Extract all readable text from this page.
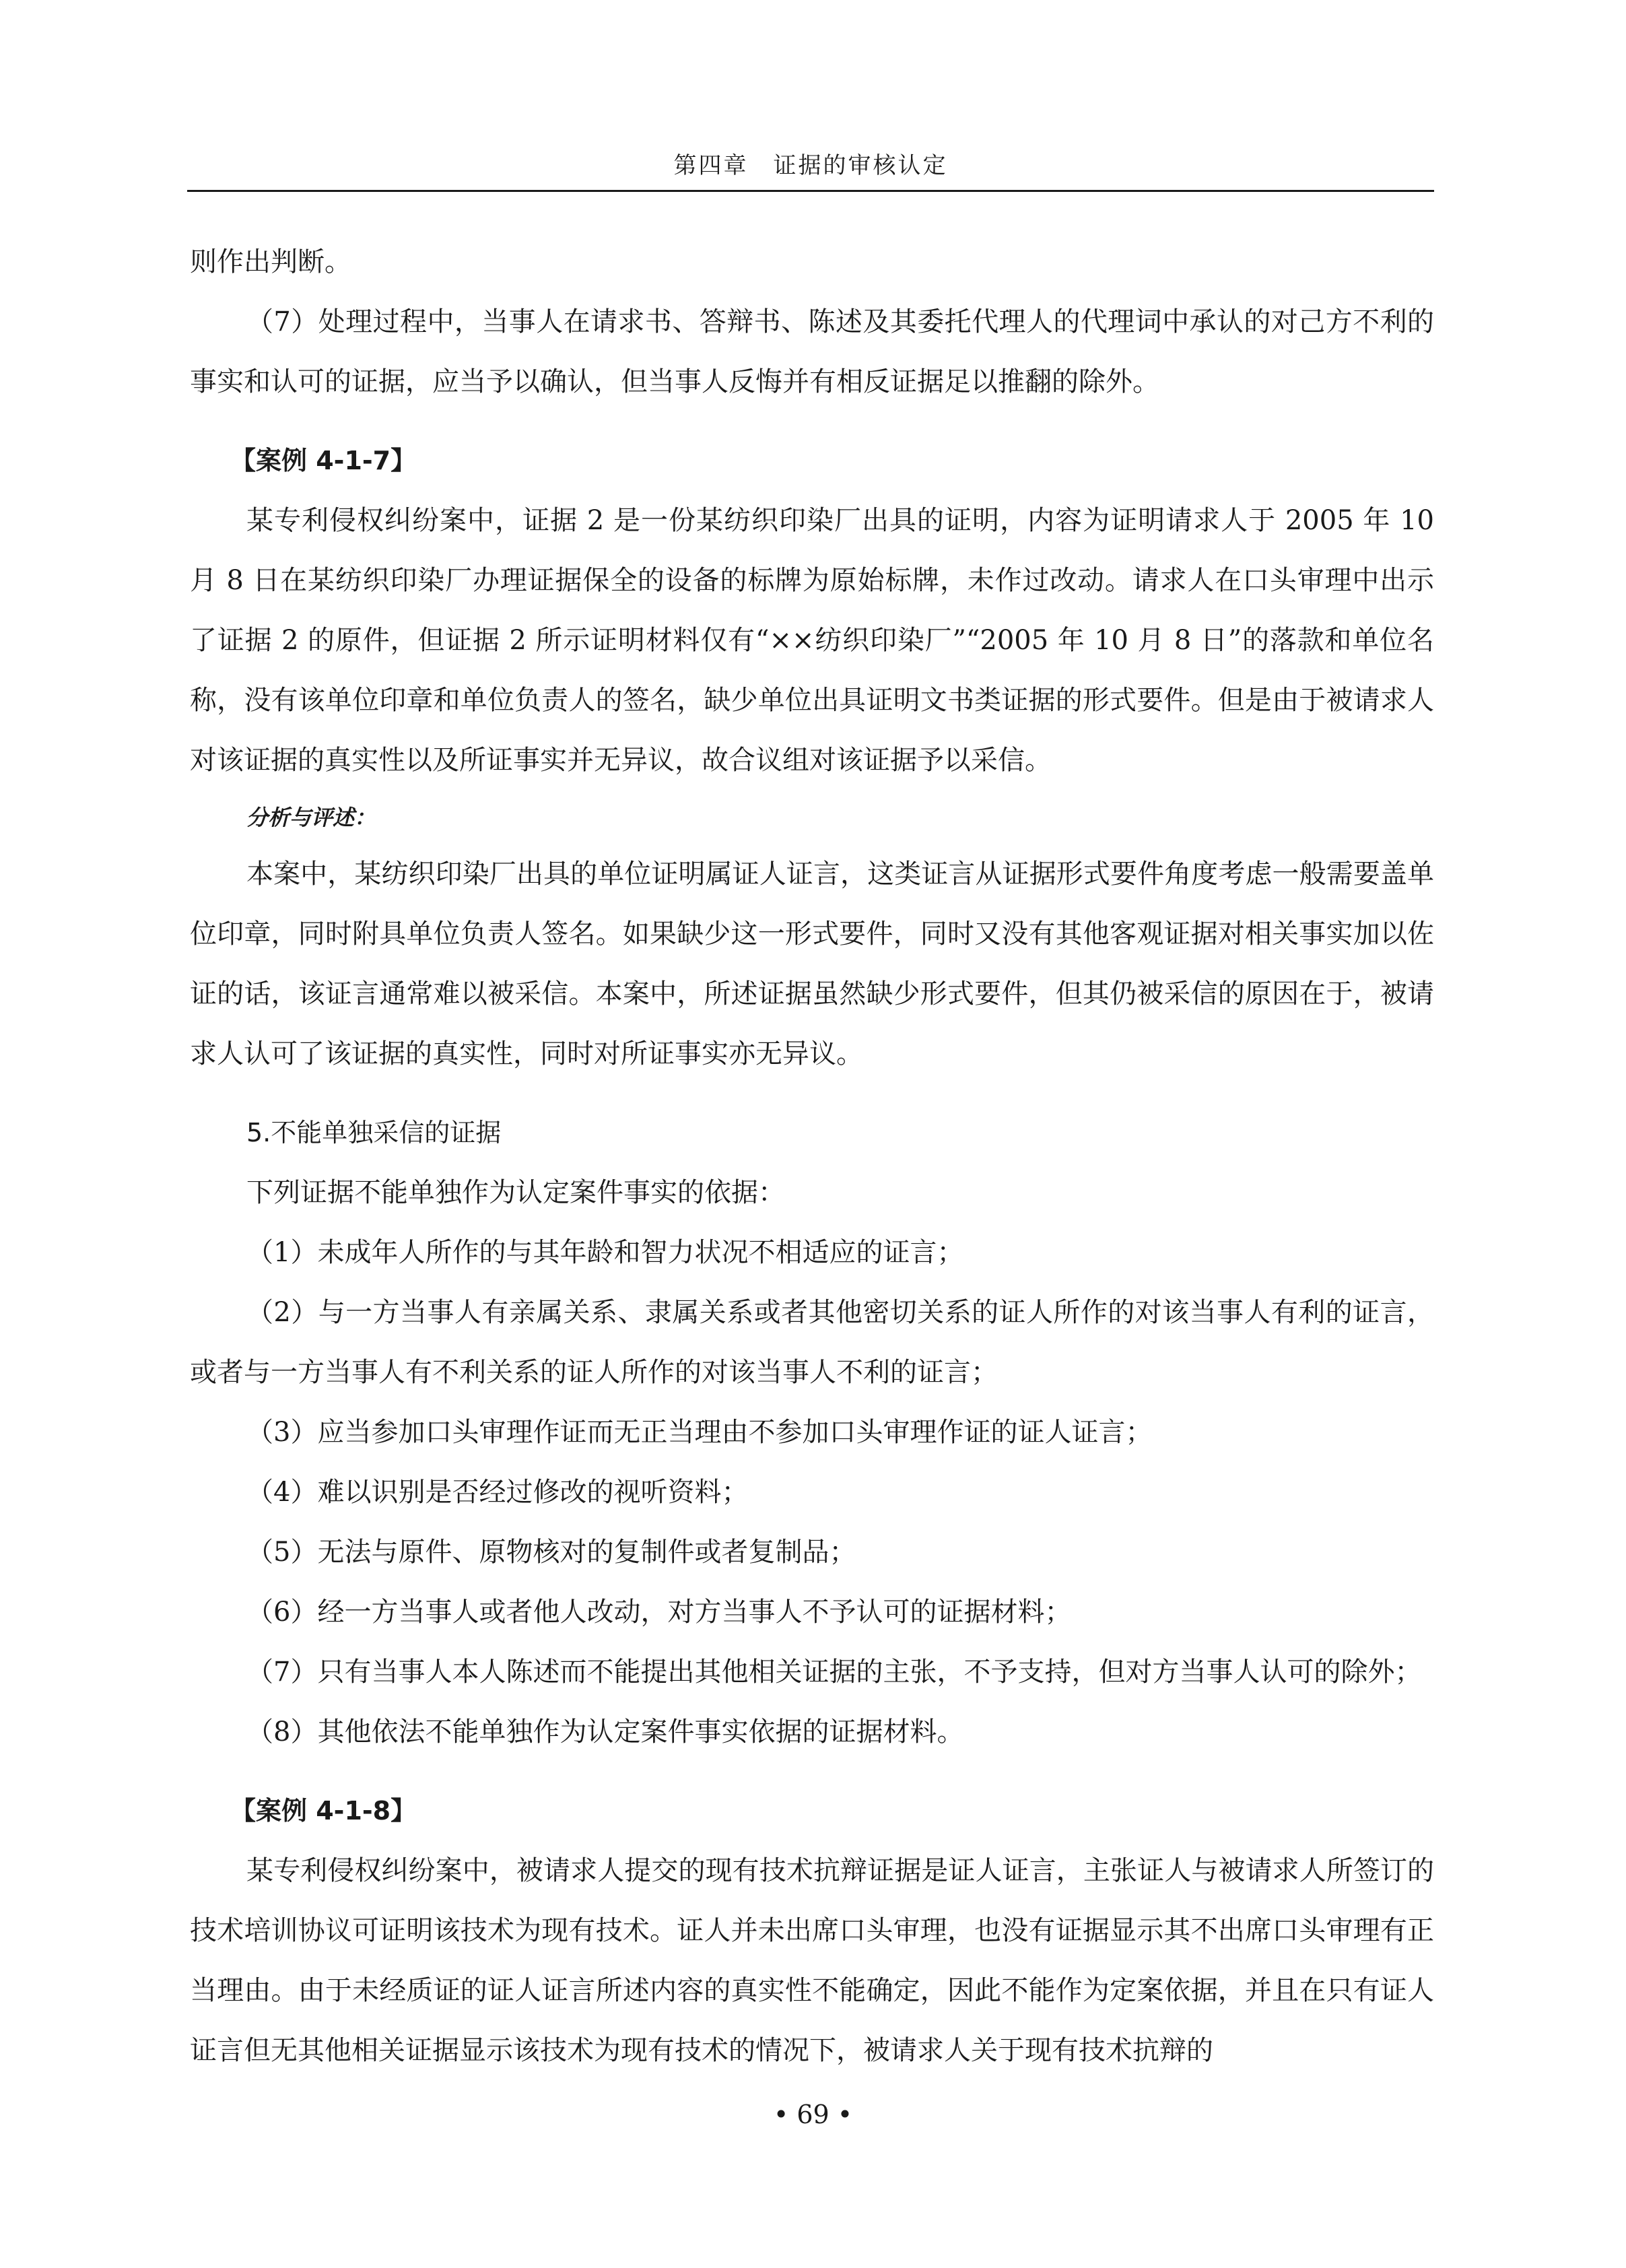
第四章　证据的审核认定

则作出判断。

（7）处理过程中，当事人在请求书、答辩书、陈述及其委托代理人的代理词中承认的对己方不利的事实和认可的证据，应当予以确认，但当事人反悔并有相反证据足以推翻的除外。

【案例 4-1-7】

某专利侵权纠纷案中，证据 2 是一份某纺织印染厂出具的证明，内容为证明请求人于 2005 年 10 月 8 日在某纺织印染厂办理证据保全的设备的标牌为原始标牌，未作过改动。请求人在口头审理中出示了证据 2 的原件，但证据 2 所示证明材料仅有“××纺织印染厂”“2005 年 10 月 8 日”的落款和单位名称，没有该单位印章和单位负责人的签名，缺少单位出具证明文书类证据的形式要件。但是由于被请求人对该证据的真实性以及所证事实并无异议，故合议组对该证据予以采信。

分析与评述：

本案中，某纺织印染厂出具的单位证明属证人证言，这类证言从证据形式要件角度考虑一般需要盖单位印章，同时附具单位负责人签名。如果缺少这一形式要件，同时又没有其他客观证据对相关事实加以佐证的话，该证言通常难以被采信。本案中，所述证据虽然缺少形式要件，但其仍被采信的原因在于，被请求人认可了该证据的真实性，同时对所证事实亦无异议。

5.不能单独采信的证据

下列证据不能单独作为认定案件事实的依据：

（1）未成年人所作的与其年龄和智力状况不相适应的证言；

（2）与一方当事人有亲属关系、隶属关系或者其他密切关系的证人所作的对该当事人有利的证言，或者与一方当事人有不利关系的证人所作的对该当事人不利的证言；

（3）应当参加口头审理作证而无正当理由不参加口头审理作证的证人证言；

（4）难以识别是否经过修改的视听资料；

（5）无法与原件、原物核对的复制件或者复制品；

（6）经一方当事人或者他人改动，对方当事人不予认可的证据材料；

（7）只有当事人本人陈述而不能提出其他相关证据的主张，不予支持，但对方当事人认可的除外；

（8）其他依法不能单独作为认定案件事实依据的证据材料。

【案例 4-1-8】

某专利侵权纠纷案中，被请求人提交的现有技术抗辩证据是证人证言，主张证人与被请求人所签订的技术培训协议可证明该技术为现有技术。证人并未出席口头审理，也没有证据显示其不出席口头审理有正当理由。由于未经质证的证人证言所述内容的真实性不能确定，因此不能作为定案依据，并且在只有证人证言但无其他相关证据显示该技术为现有技术的情况下，被请求人关于现有技术抗辩的

• 69 •
